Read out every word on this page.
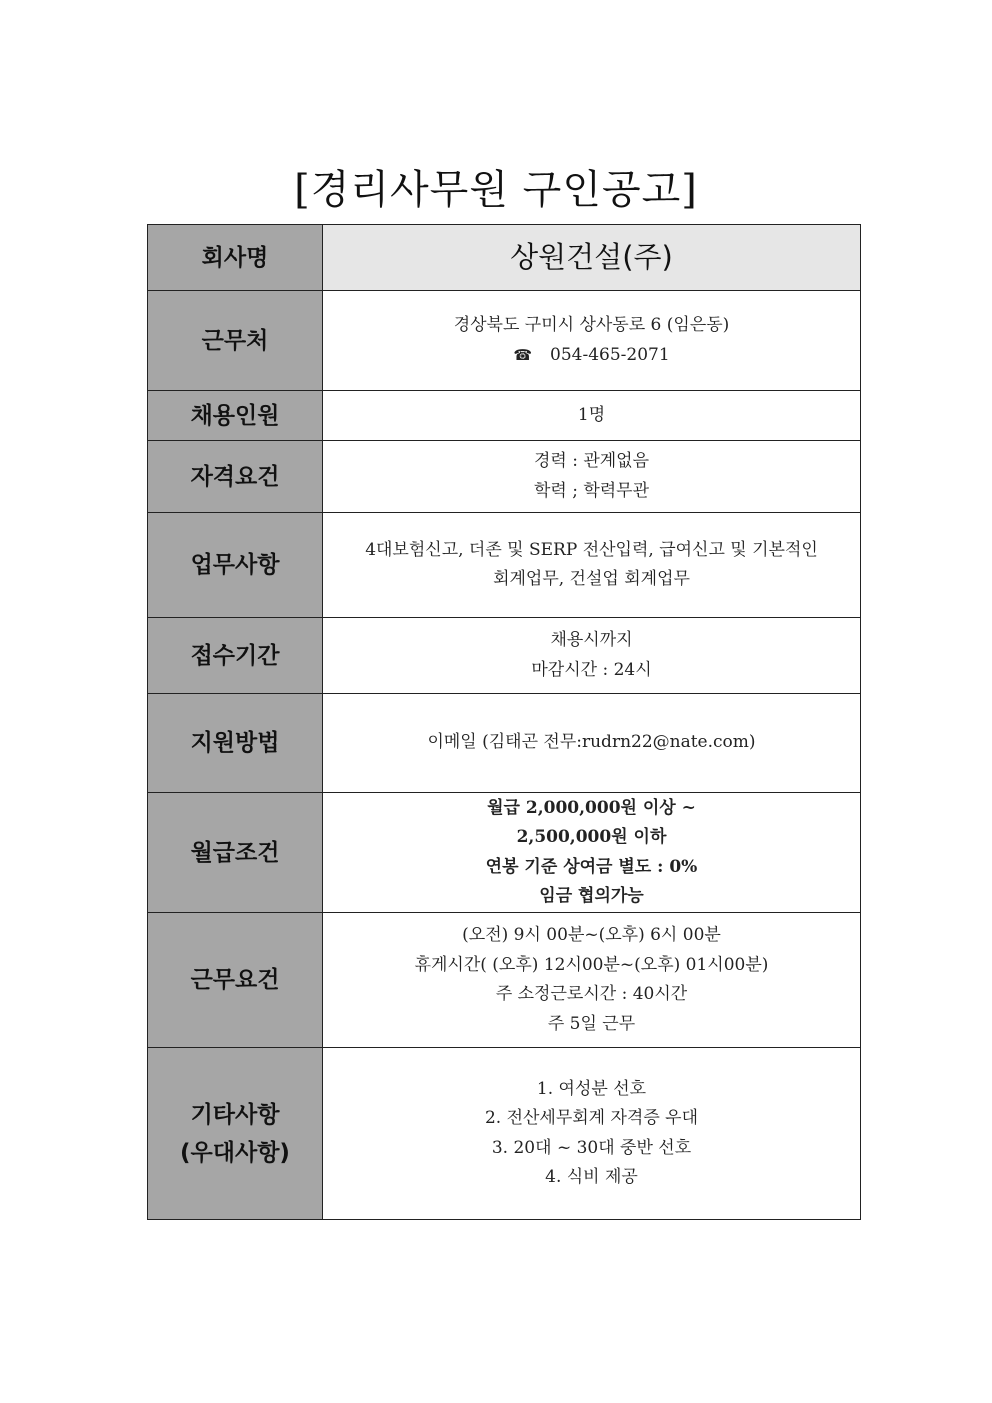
[경리사무원 구인공고]
회사명	상원건설(주)
근무처	경상북도 구미시 상사동로 6 (임은동)
☎ 054-465-2071

채용인원	1명
자격요건	경력 : 관계없음
학력 ; 학력무관

업무사항	4대보험신고, 더존 및 SERP 전산입력, 급여신고 및 기본적인
회계업무, 건설업 회계업무

접수기간	채용시까지
마감시간 : 24시

지원방법	이메일 (김태곤 전무:rudrn22@nate.com)
월급조건	월급 2,000,000원 이상 ~
2,500,000원 이하
연봉 기준 상여금 별도 : 0%
임금 협의가능

근무요건	(오전) 9시 00분~(오후) 6시 00분
휴게시간( (오후) 12시00분~(오후) 01시00분)
주 소정근로시간 : 40시간
주 5일 근무

기타사항
(우대사항)	1. 여성분 선호
2. 전산세무회계 자격증 우대
3. 20대 ~ 30대 중반 선호
4. 식비 제공
